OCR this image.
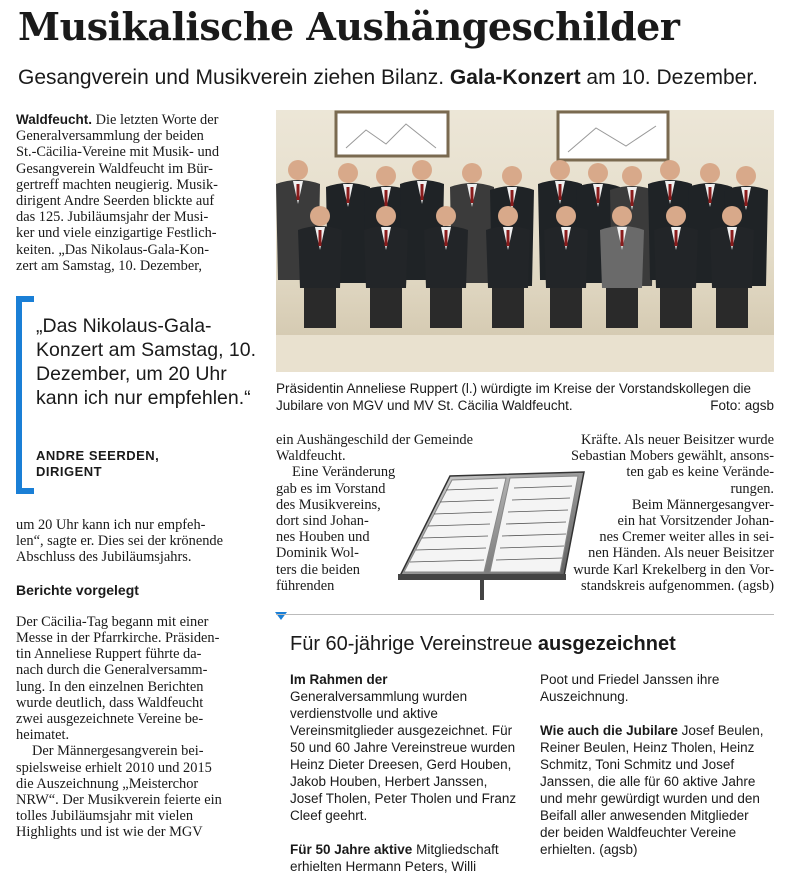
Musikalische Aushängeschilder
Gesangverein und Musikverein ziehen Bilanz. Gala-Konzert am 10. Dezember.

Waldfeucht. Die letzten Worte der

Generalversammlung der beiden

St.-Cäcilia-Vereine mit Musik- und

Gesangverein Waldfeucht im Bür-

gertreff machten neugierig. Musik-

dirigent Andre Seerden blickte auf

das 125. Jubiläumsjahr der Musi-

ker und viele einzigartige Festlich-

keiten. „Das Nikolaus-Gala-Kon-

zert am Samstag, 10. Dezember,

„Das Nikolaus-Gala-Konzert am Samstag, 10. Dezember, um 20 Uhr kann ich nur empfehlen.“
ANDRE SEERDEN,
DIRIGENT

um 20 Uhr kann ich nur empfeh-

len“, sagte er. Dies sei der krönende

Abschluss des Jubiläumsjahrs.

Berichte vorgelegt

Der Cäcilia-Tag begann mit einer

Messe in der Pfarrkirche. Präsiden-

tin Anneliese Ruppert führte da-

nach durch die Generalversamm-

lung. In den einzelnen Berichten

wurde deutlich, dass Waldfeucht

zwei ausgezeichnete Vereine be-

heimatet.

Der Männergesangverein bei-

spielsweise erhielt 2010 und 2015

die Auszeichnung „Meisterchor

NRW“. Der Musikverein feierte ein

tolles Jubiläumsjahr mit vielen

Highlights und ist wie der MGV

Präsidentin Anneliese Ruppert (l.) würdigte im Kreise der Vorstandskollegen die Jubilare von MGV und MV St. Cäcilia Waldfeucht.	Foto: agsb

ein Aushängeschild der Gemeinde

Waldfeucht.

Eine Veränderung

gab es im Vorstand

des Musikvereins,

dort sind Johan-

nes Houben und

Dominik Wol-

ters die beiden

führenden

Kräfte. Als neuer Beisitzer wurde

Sebastian Mobers gewählt, ansons-

ten gab es keine Verände-

rungen.

Beim Männergesangver-

ein hat Vorsitzender Johan-

nes Cremer weiter alles in sei-

nen Händen. Als neuer Beisitzer

wurde Karl Krekelberg in den Vor-

standskreis aufgenommen. (agsb)

Für 60-jährige Vereinstreue ausgezeichnet

Im Rahmen der Generalversammlung wurden verdienstvolle und aktive Vereinsmitglieder ausgezeichnet. Für 50 und 60 Jahre Vereinstreue wurden Heinz Dieter Dreesen, Gerd Houben, Jakob Houben, Herbert Janssen, Josef Tholen, Peter Tholen und Franz Cleef geehrt.

Für 50 Jahre aktive Mitgliedschaft erhielten Hermann Peters, Willi

Poot und Friedel Janssen ihre Auszeichnung.

Wie auch die Jubilare Josef Beulen, Reiner Beulen, Heinz Tholen, Heinz Schmitz, Toni Schmitz und Josef Janssen, die alle für 60 aktive Jahre und mehr gewürdigt wurden und den Beifall aller anwesenden Mitglieder der beiden Waldfeuchter Vereine erhielten. (agsb)
